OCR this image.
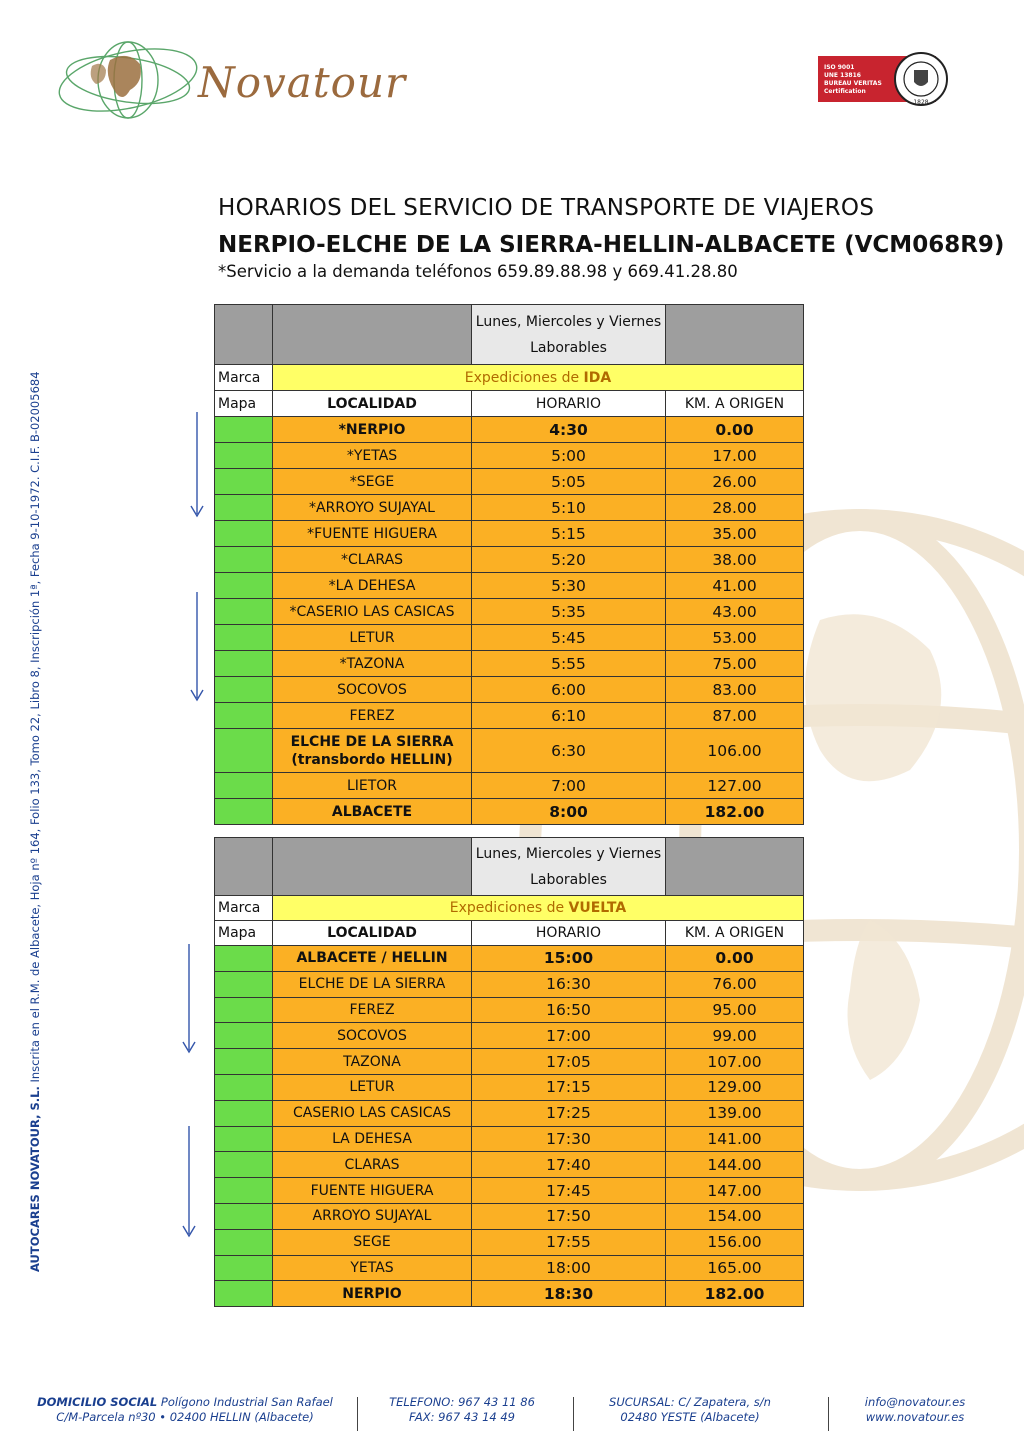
Novatour	ISO 9001
UNE 13816
BUREAU VERITAS
Certification
1828
HORARIOS DEL SERVICIO DE TRANSPORTE DE VIAJEROS
NERPIO-ELCHE DE LA SIERRA-HELLIN-ALBACETE (VCM068R9)
*Servicio a la demanda teléfonos 659.89.88.98 y 669.41.28.80
AUTOCARES NOVATOUR, S.L. Inscrita en el R.M. de Albacete, Hoja nº 164, Folio 133, Tomo 22, Libro 8, Inscripción 1ª, Fecha 9-10-1972. C.I.F. B-02005684
		Lunes, Miercoles y Viernes
Laborables	
Marca	Expediciones de IDA		
Mapa	LOCALIDAD	HORARIO	KM. A ORIGEN
	*NERPIO	4:30	0.00
	*YETAS	5:00	17.00
	*SEGE	5:05	26.00
	*ARROYO SUJAYAL	5:10	28.00
	*FUENTE HIGUERA	5:15	35.00
	*CLARAS	5:20	38.00
	*LA DEHESA	5:30	41.00
	*CASERIO LAS CASICAS	5:35	43.00
	LETUR	5:45	53.00
	*TAZONA	5:55	75.00
	SOCOVOS	6:00	83.00
	FEREZ	6:10	87.00
	ELCHE DE LA SIERRA
(transbordo HELLIN)	6:30	106.00
	LIETOR	7:00	127.00
	ALBACETE	8:00	182.00
		Lunes, Miercoles y Viernes
Laborables	
Marca	Expediciones de VUELTA		
Mapa	LOCALIDAD	HORARIO	KM. A ORIGEN
	ALBACETE / HELLIN	15:00	0.00
	ELCHE DE LA SIERRA	16:30	76.00
	FEREZ	16:50	95.00
	SOCOVOS	17:00	99.00
	TAZONA	17:05	107.00
	LETUR	17:15	129.00
	CASERIO LAS CASICAS	17:25	139.00
	LA DEHESA	17:30	141.00
	CLARAS	17:40	144.00
	FUENTE HIGUERA	17:45	147.00
	ARROYO SUJAYAL	17:50	154.00
	SEGE	17:55	156.00
	YETAS	18:00	165.00
	NERPIO	18:30	182.00
DOMICILIO SOCIAL Polígono Industrial San Rafael
C/M-Parcela nº30 • 02400 HELLIN (Albacete)
TELEFONO: 967 43 11 86
FAX: 967 43 14 49
SUCURSAL: C/ Zapatera, s/n
02480 YESTE (Albacete)
info@novatour.es
www.novatour.es
